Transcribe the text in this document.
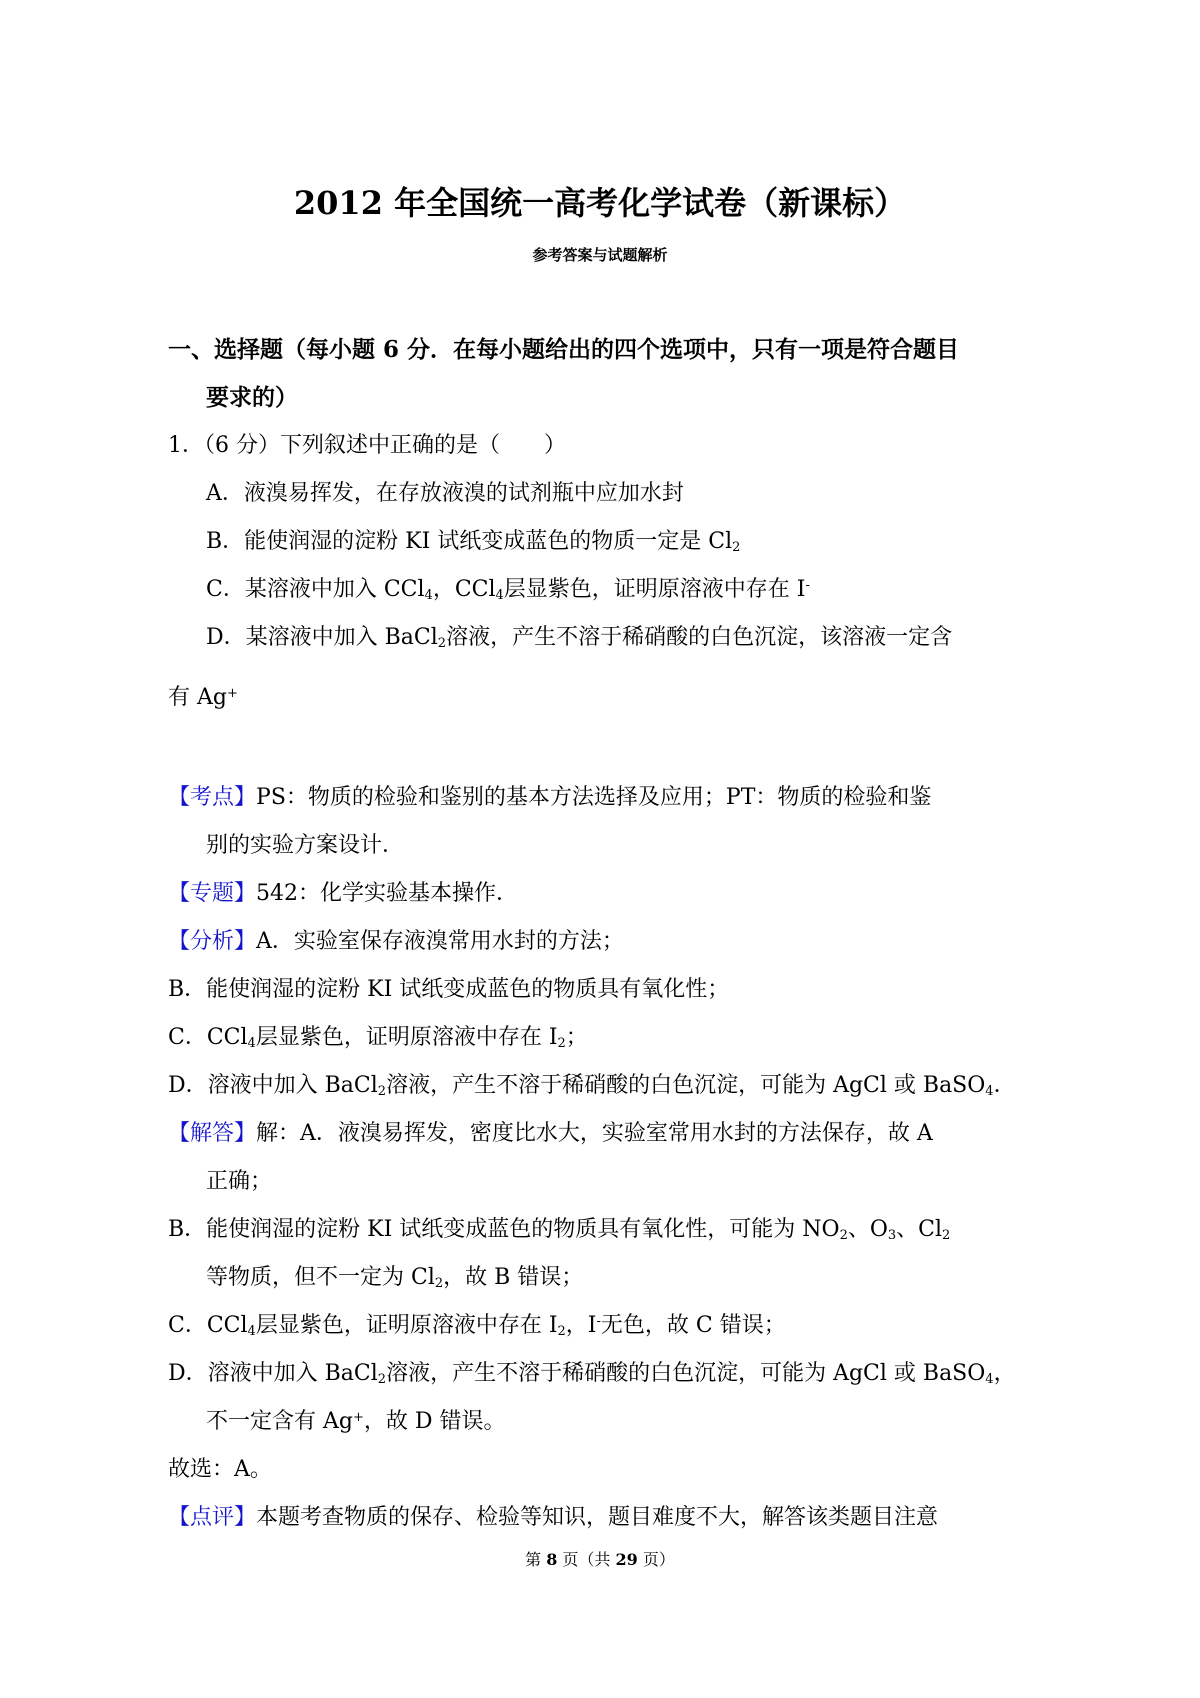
2012 年全国统一高考化学试卷（新课标）

参考答案与试题解析

一、选择题（每小题 6 分．在每小题给出的四个选项中，只有一项是符合题目

要求的）

1．（6 分）下列叙述中正确的是（　　）

A．液溴易挥发，在存放液溴的试剂瓶中应加水封

B．能使润湿的淀粉 KI 试纸变成蓝色的物质一定是 $Cl_2$

C．某溶液中加入 CCl$_4$，CCl$_4$层显紫色，证明原溶液中存在 I-

D．某溶液中加入 BaCl$_2$溶液，产生不溶于稀硝酸的白色沉淀，该溶液一定含

有 Ag+

【考点】PS：物质的检验和鉴别的基本方法选择及应用；PT：物质的检验和鉴

别的实验方案设计．

【专题】542：化学实验基本操作．

【分析】A．实验室保存液溴常用水封的方法；

B．能使润湿的淀粉 KI 试纸变成蓝色的物质具有氧化性；

C．CCl$_4$层显紫色，证明原溶液中存在 $I_2$；

D．溶液中加入 BaCl$_2$溶液，产生不溶于稀硝酸的白色沉淀，可能为 AgCl 或 BaSO$_4$．

【解答】解：A．液溴易挥发，密度比水大，实验室常用水封的方法保存，故 A

正确；

B．能使润湿的淀粉 KI 试纸变成蓝色的物质具有氧化性，可能为 $NO_2$、$O_3$、$Cl_2$

等物质，但不一定为 $Cl_2$，故 B 错误；

C．CCl$_4$层显紫色，证明原溶液中存在 $I_2$，I-无色，故 C 错误；

D．溶液中加入 BaCl$_2$溶液，产生不溶于稀硝酸的白色沉淀，可能为 AgCl 或 BaSO$_4$，

不一定含有 Ag+，故 D 错误。

故选：A。

【点评】本题考查物质的保存、检验等知识，题目难度不大，解答该类题目注意

第 8 页（共 29 页）
